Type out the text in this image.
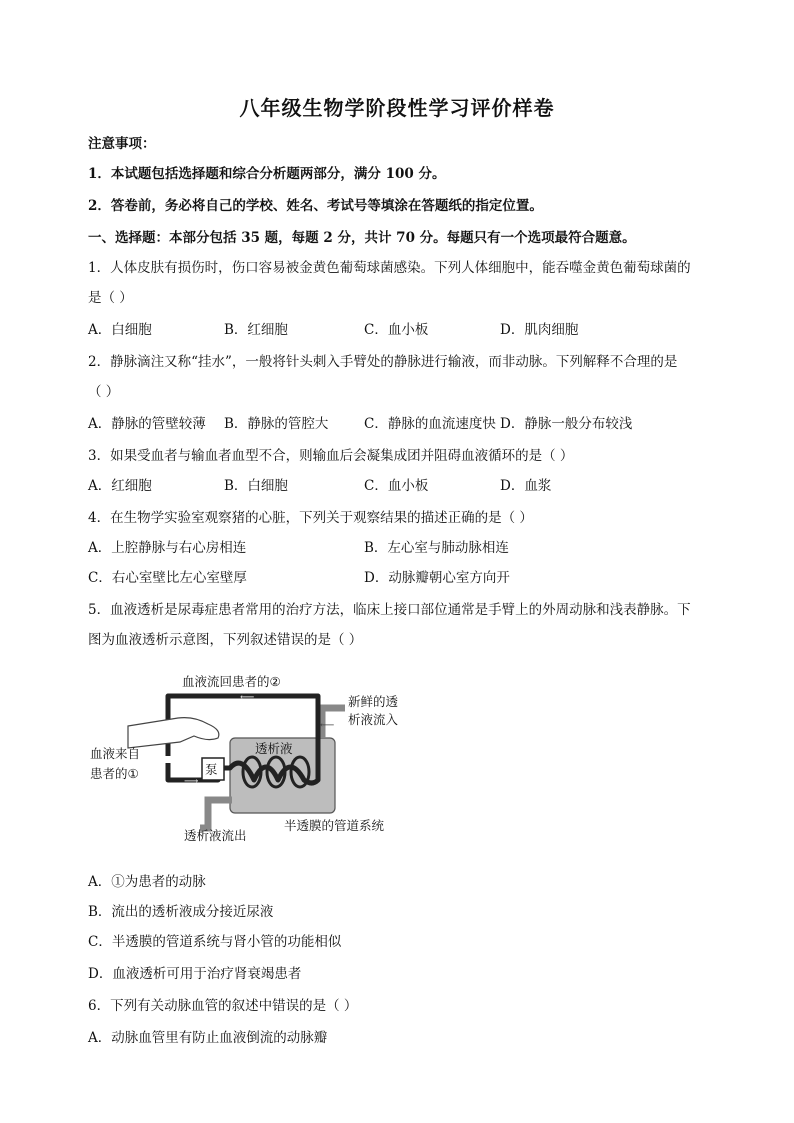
八年级生物学阶段性学习评价样卷
注意事项：
1．本试题包括选择题和综合分析题两部分，满分 100 分。
2．答卷前，务必将自己的学校、姓名、考试号等填涂在答题纸的指定位置。
一、选择题：本部分包括 35 题，每题 2 分，共计 70 分。每题只有一个选项最符合题意。
1．人体皮肤有损伤时，伤口容易被金黄色葡萄球菌感染。下列人体细胞中，能吞噬金黄色葡萄球菌的
是（ ）
A．白细胞	B．红细胞	C．血小板	D．肌肉细胞
2．静脉滴注又称“挂水”，一般将针头刺入手臂处的静脉进行输液，而非动脉。下列解释不合理的是
（ ）
A．静脉的管壁较薄 B．静脉的管腔大	C．静脉的血流速度快 D．静脉一般分布较浅
3．如果受血者与输血者血型不合，则输血后会凝集成团并阻碍血液循环的是（ ）
A．红细胞	B．白细胞	C．血小板	D．血浆
4．在生物学实验室观察猪的心脏，下列关于观察结果的描述正确的是（ ）
A．上腔静脉与右心房相连	B．左心室与肺动脉相连
C．右心室壁比左心室壁厚	D．动脉瓣朝心室方向开
5．血液透析是尿毒症患者常用的治疗方法，临床上接口部位通常是手臂上的外周动脉和浅表静脉。下
图为血液透析示意图，下列叙述错误的是（ ）
泵
⟵
⟶
⟵
血液流回患者的②
新鲜的透
析液流入
透析液
血液来自
患者的①
透析液流出
半透膜的管道系统
A．①为患者的动脉
B．流出的透析液成分接近尿液
C．半透膜的管道系统与肾小管的功能相似
D．血液透析可用于治疗肾衰竭患者
6．下列有关动脉血管的叙述中错误的是（ ）
A．动脉血管里有防止血液倒流的动脉瓣
